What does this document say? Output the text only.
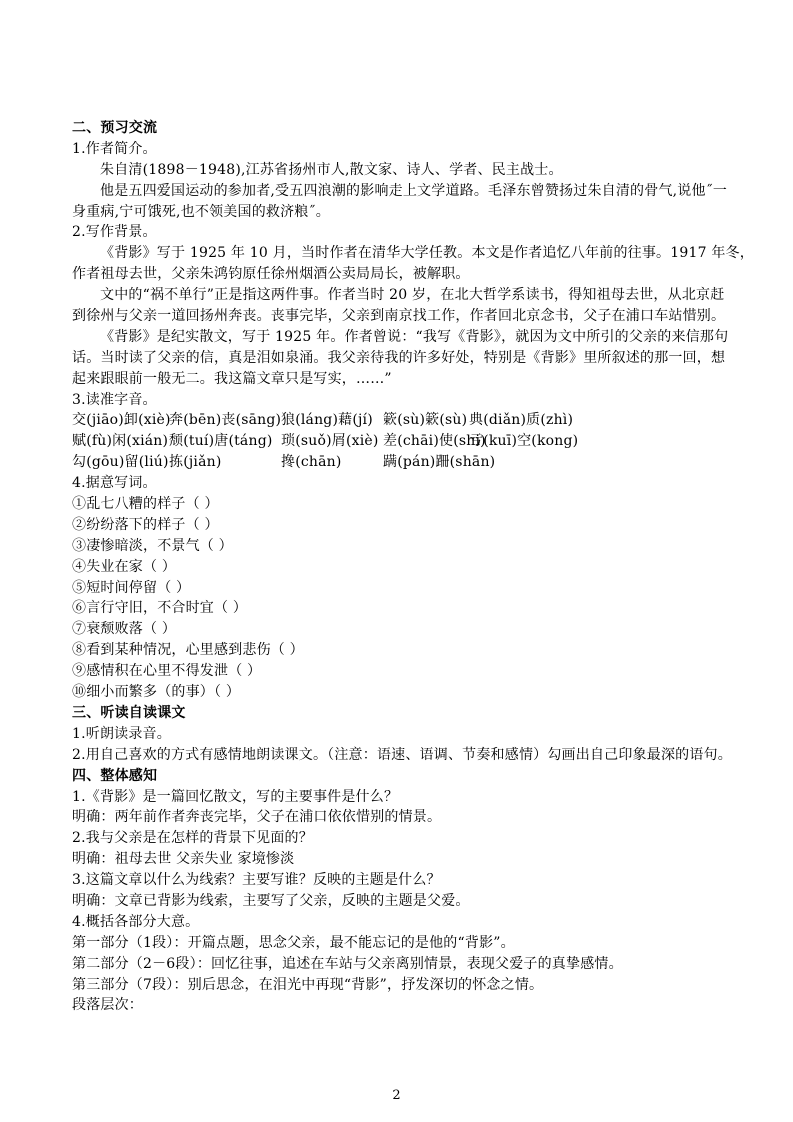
二、预习交流
1.作者简介。
朱自清(1898－1948),江苏省扬州市人,散文家、诗人、学者、民主战士。
他是五四爱国运动的参加者,受五四浪潮的影响走上文学道路。毛泽东曾赞扬过朱自清的骨气,说他˝一
身重病,宁可饿死,也不领美国的救济粮˝。
2.写作背景。
《背影》写于 1925 年 10 月，当时作者在清华大学任教。本文是作者追忆八年前的往事。1917 年冬，
作者祖母去世，父亲朱鸿钧原任徐州烟酒公卖局局长，被解职。
文中的“祸不单行”正是指这两件事。作者当时 20 岁，在北大哲学系读书，得知祖母去世，从北京赶
到徐州与父亲一道回扬州奔丧。丧事完毕，父亲到南京找工作，作者回北京念书，父子在浦口车站惜别。
《背影》是纪实散文，写于 1925 年。作者曾说：“我写《背影》，就因为文中所引的父亲的来信那句
话。当时读了父亲的信，真是泪如泉涌。我父亲待我的许多好处，特别是《背影》里所叙述的那一回，想
起来跟眼前一般无二。我这篇文章只是写实，……”
3.读准字音。
交(jiāo)卸(xiè)
奔(bēn)丧(sāng) 狼(láng)藉(jí) 簌(sù)簌(sù) 典(diǎn)质(zhì)
赋(fù)闲(xián) 颓(tuí)唐(táng) 琐(suǒ)屑(xiè) 差(chāi)使(shi)
亏(kuī)空(kong)
勾(gōu)留(liú) 拣(jiǎn)	搀(chān)	蹒(pán)跚(shān)
4.据意写词。
①乱七八糟的样子（ ）
②纷纷落下的样子（ ）
③凄惨暗淡，不景气（ ）
④失业在家（ ）
⑤短时间停留（ ）
⑥言行守旧，不合时宜（ ）
⑦衰颓败落（ ）
⑧看到某种情况，心里感到悲伤（ ）
⑨感情积在心里不得发泄（ ）
⑩细小而繁多（的事）（ ）
三、听读自读课文
1.听朗读录音。
2.用自己喜欢的方式有感情地朗读课文。（注意：语速、语调、节奏和感情）勾画出自己印象最深的语句。
四、整体感知
1.《背影》是一篇回忆散文，写的主要事件是什么？
明确：两年前作者奔丧完毕，父子在浦口依依惜别的情景。
2.我与父亲是在怎样的背景下见面的？
明确：祖母去世 父亲失业 家境惨淡
3.这篇文章以什么为线索？主要写谁？反映的主题是什么？
明确：文章已背影为线索，主要写了父亲，反映的主题是父爱。
4.概括各部分大意。
第一部分（1段）：开篇点题，思念父亲，最不能忘记的是他的“背影”。
第二部分（2－6段）：回忆往事，追述在车站与父亲离别情景，表现父爱子的真挚感情。
第三部分（7段）：别后思念，在泪光中再现“背影”，抒发深切的怀念之情。
段落层次：
2
